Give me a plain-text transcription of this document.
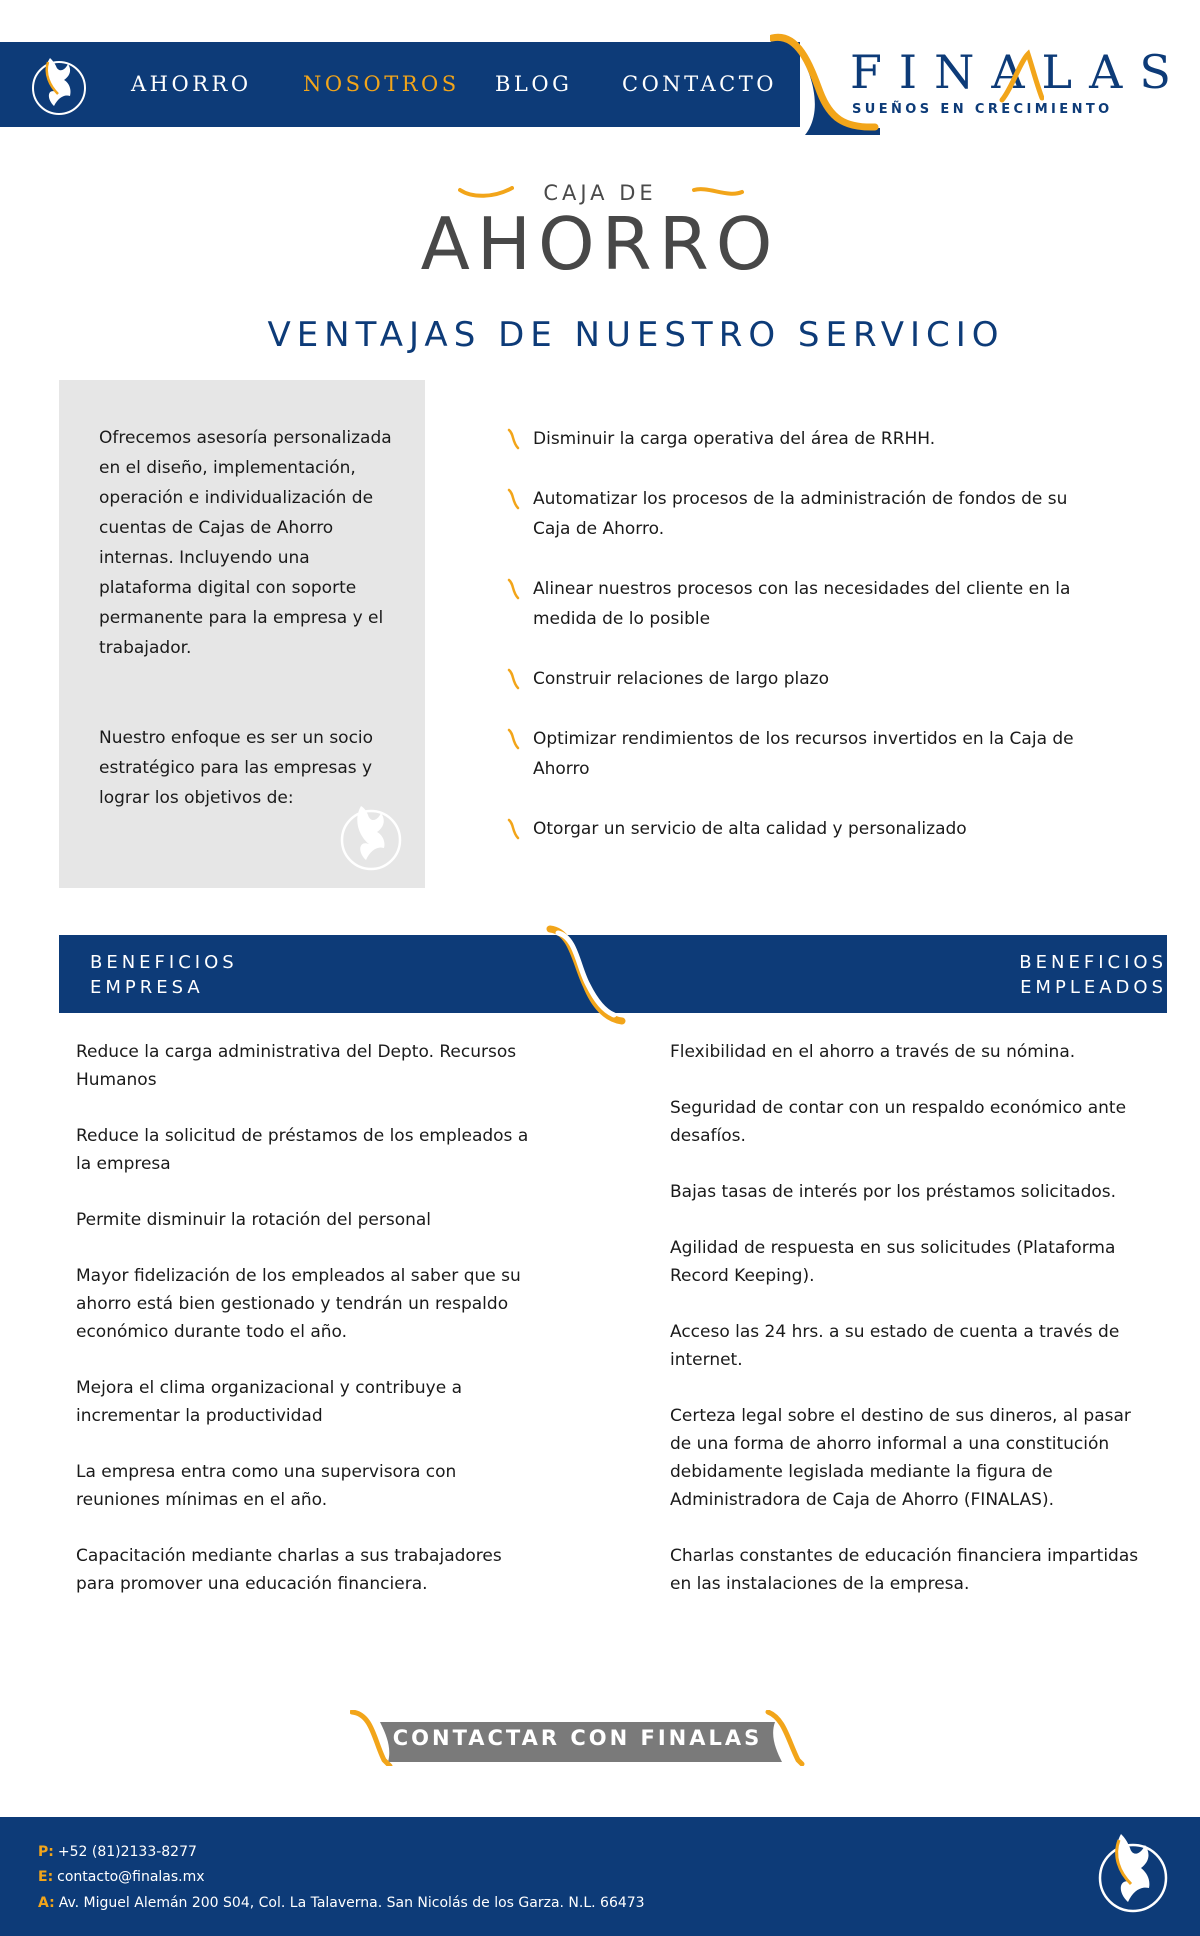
AHORRO NOSOTROS BLOG CONTACTO FINALAS
SUEÑOS EN CRECIMIENTO
CAJA DE
AHORRO
VENTAJAS DE NUESTRO SERVICIO

Ofrecemos asesoría personalizada en el diseño, implementación, operación e individualización de cuentas de Cajas de Ahorro internas. Incluyendo una plataforma digital con soporte permanente para la empresa y el trabajador.

Nuestro enfoque es ser un socio estratégico para las empresas y lograr los objetivos de:

Disminuir la carga operativa del área de RRHH.
Automatizar los procesos de la administración de fondos de su Caja de Ahorro.
Alinear nuestros procesos con las necesidades del cliente en la medida de lo posible
Construir relaciones de largo plazo
Optimizar rendimientos de los recursos invertidos en la Caja de Ahorro
Otorgar un servicio de alta calidad y personalizado
BENEFICIOS
EMPRESA
BENEFICIOS
EMPLEADOS

Reduce la carga administrativa del Depto. Recursos Humanos

Reduce la solicitud de préstamos de los empleados a la empresa

Permite disminuir la rotación del personal

Mayor fidelización de los empleados al saber que su ahorro está bien gestionado y tendrán un respaldo económico durante todo el año.

Mejora el clima organizacional y contribuye a incrementar la productividad

La empresa entra como una supervisora con reuniones mínimas en el año.

Capacitación mediante charlas a sus trabajadores para promover una educación financiera.

Flexibilidad en el ahorro a través de su nómina.

Seguridad de contar con un respaldo económico ante desafíos.

Bajas tasas de interés por los préstamos solicitados.

Agilidad de respuesta en sus solicitudes (Plataforma Record Keeping).

Acceso las 24 hrs. a su estado de cuenta a través de internet.

Certeza legal sobre el destino de sus dineros, al pasar de una forma de ahorro informal a una constitución debidamente legislada mediante la figura de Administradora de Caja de Ahorro (FINALAS).

Charlas constantes de educación financiera impartidas en las instalaciones de la empresa.

CONTACTAR CON FINALAS
P: +52 (81)2133-8277
E: contacto@finalas.mx
A: Av. Miguel Alemán 200 S04, Col. La Talaverna. San Nicolás de los Garza. N.L. 66473
